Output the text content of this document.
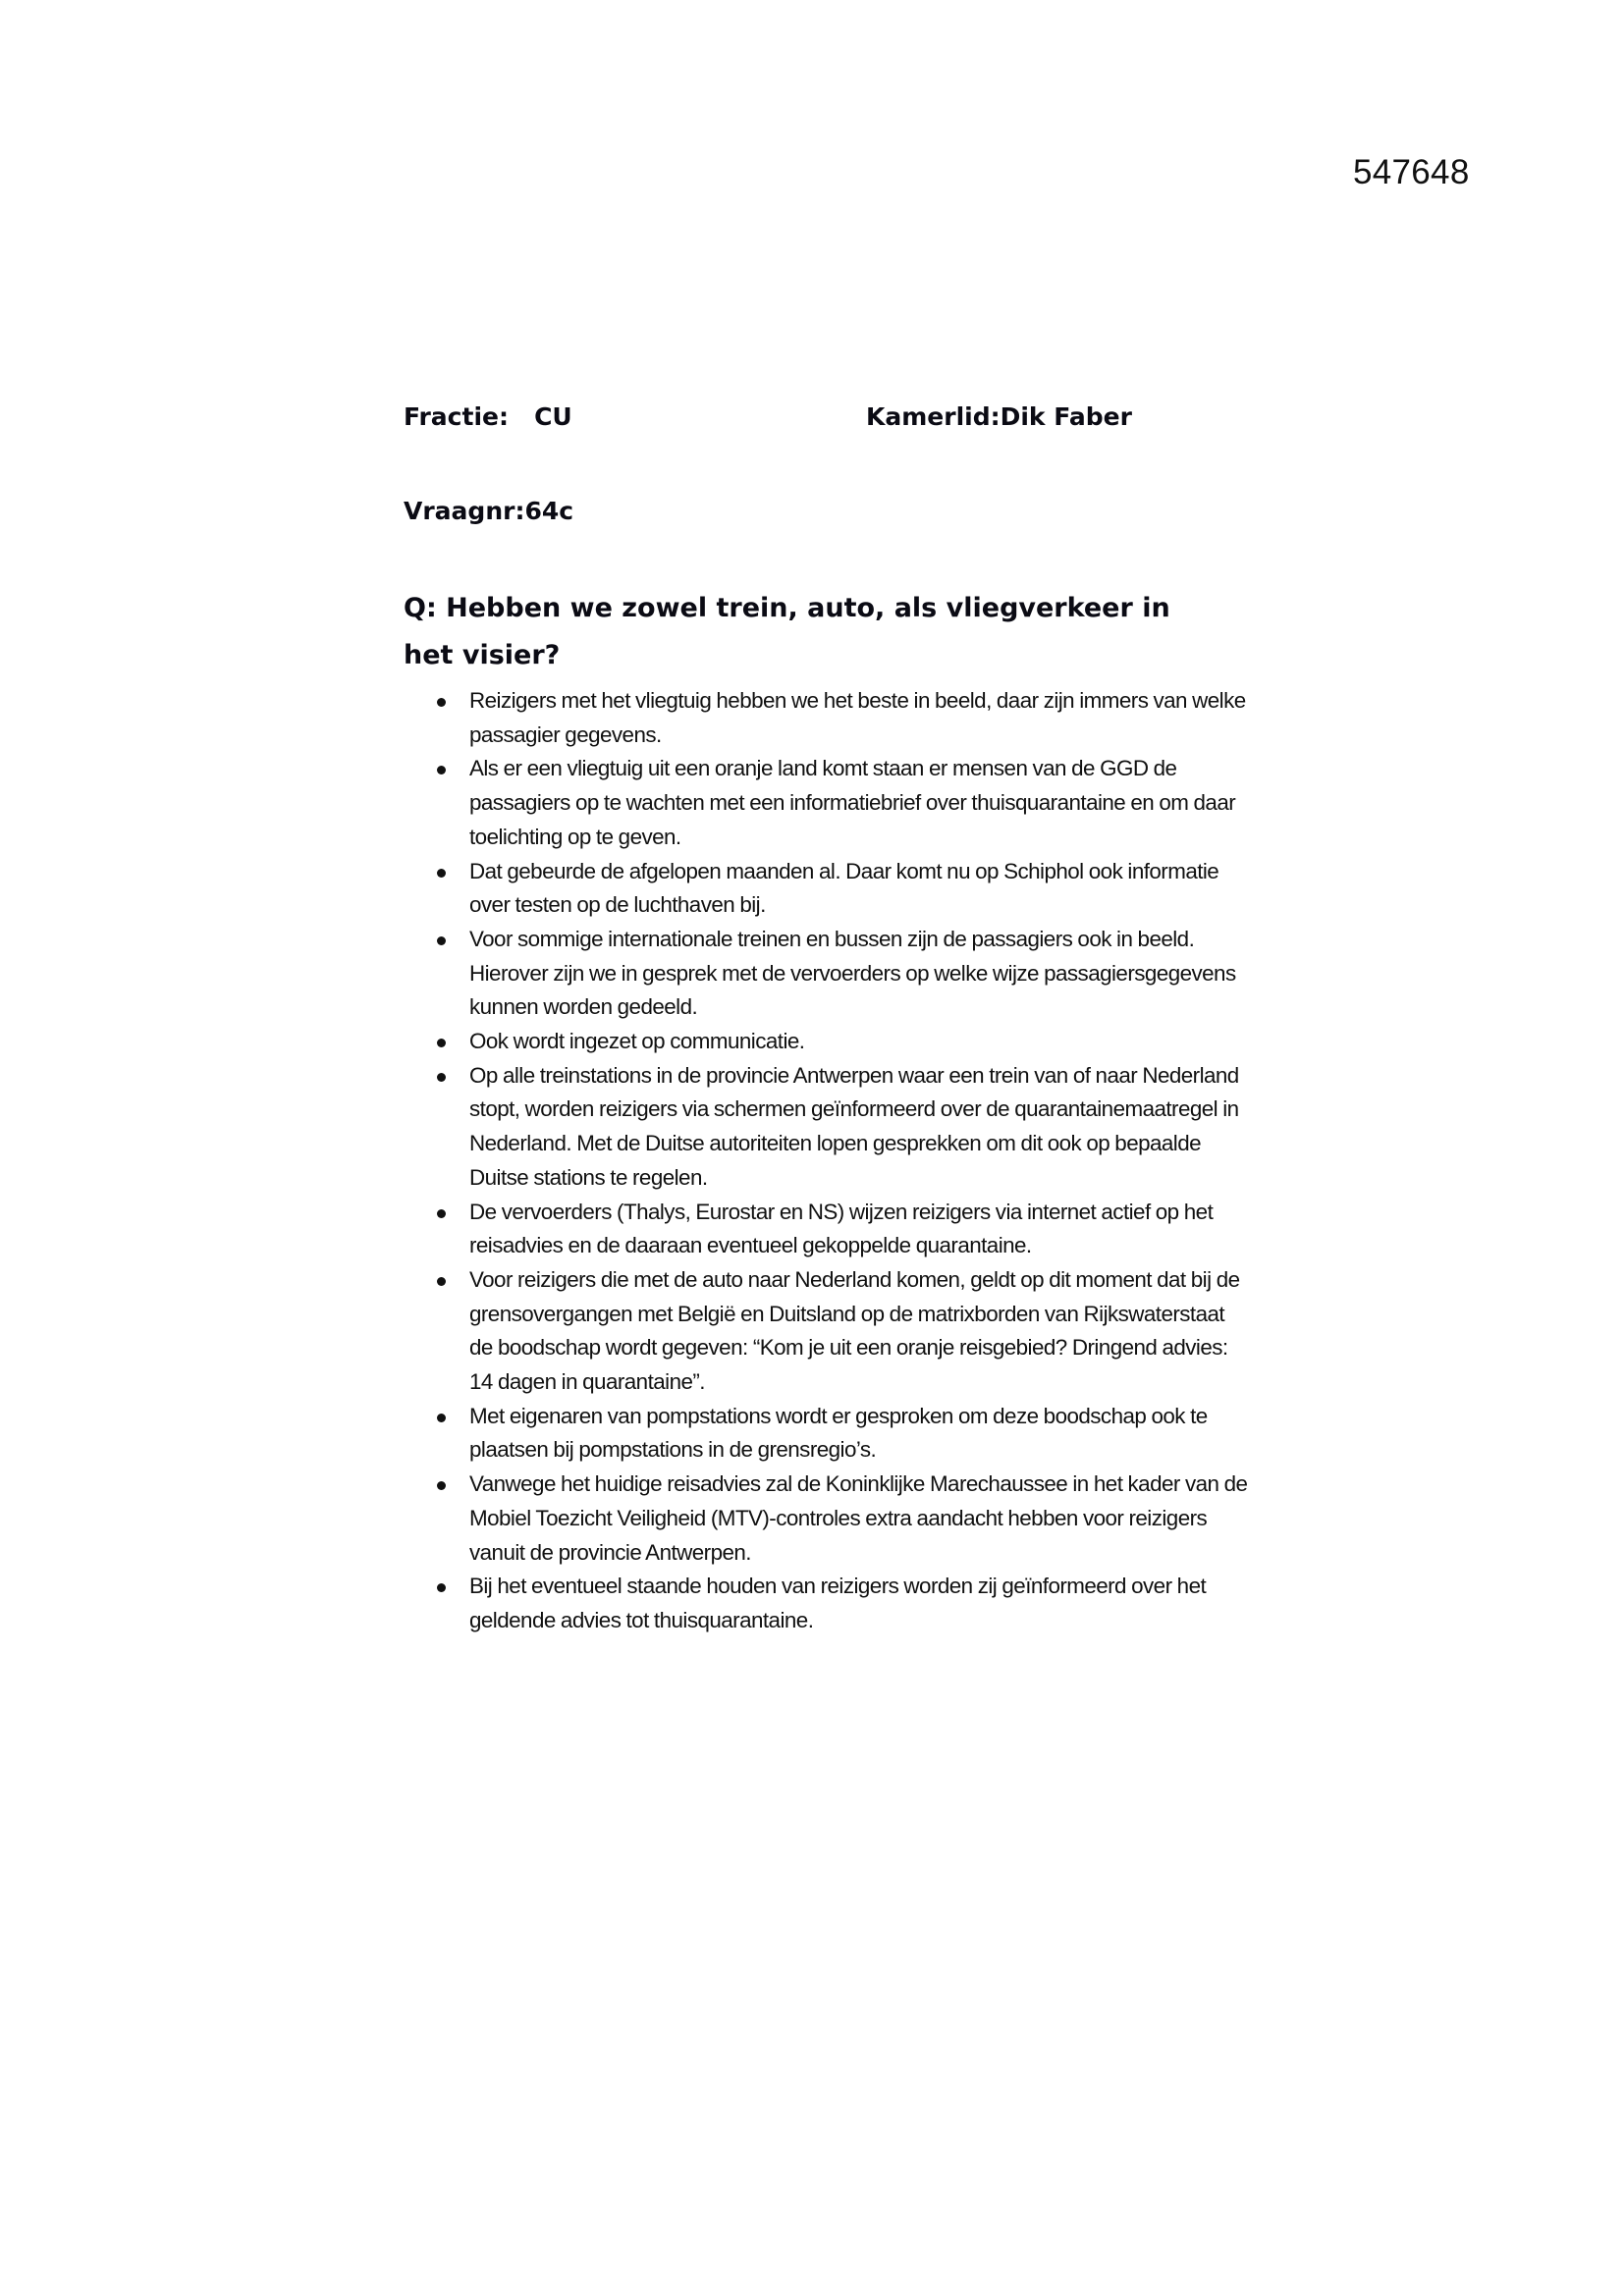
547648
Fractie:   CU	Kamerlid:Dik Faber
Vraagnr:64c
Q: Hebben we zowel trein, auto, als vliegverkeer in het visier?
Reizigers met het vliegtuig hebben we het beste in beeld, daar zijn immers van welke passagier gegevens.
Als er een vliegtuig uit een oranje land komt staan er mensen van de GGD de passagiers op te wachten met een informatiebrief over thuisquarantaine en om daar toelichting op te geven.
Dat gebeurde de afgelopen maanden al. Daar komt nu op Schiphol ook informatie over testen op de luchthaven bij.
Voor sommige internationale treinen en bussen zijn de passagiers ook in beeld. Hierover zijn we in gesprek met de vervoerders op welke wijze passagiersgegevens kunnen worden gedeeld.
Ook wordt ingezet op communicatie.
Op alle treinstations in de provincie Antwerpen waar een trein van of naar Nederland stopt, worden reizigers via schermen geïnformeerd over de quarantainemaatregel in Nederland. Met de Duitse autoriteiten lopen gesprekken om dit ook op bepaalde Duitse stations te regelen.
De vervoerders (Thalys, Eurostar en NS) wijzen reizigers via internet actief op het reisadvies en de daaraan eventueel gekoppelde quarantaine.
Voor reizigers die met de auto naar Nederland komen, geldt op dit moment dat bij de grensovergangen met België en Duitsland op de matrixborden van Rijkswaterstaat de boodschap wordt gegeven: “Kom je uit een oranje reisgebied? Dringend advies: 14 dagen in quarantaine”.
Met eigenaren van pompstations wordt er gesproken om deze boodschap ook te plaatsen bij pompstations in de grensregio’s.
Vanwege het huidige reisadvies zal de Koninklijke Marechaussee in het kader van de Mobiel Toezicht Veiligheid (MTV)-controles extra aandacht hebben voor reizigers vanuit de provincie Antwerpen.
Bij het eventueel staande houden van reizigers worden zij geïnformeerd over het geldende advies tot thuisquarantaine.
